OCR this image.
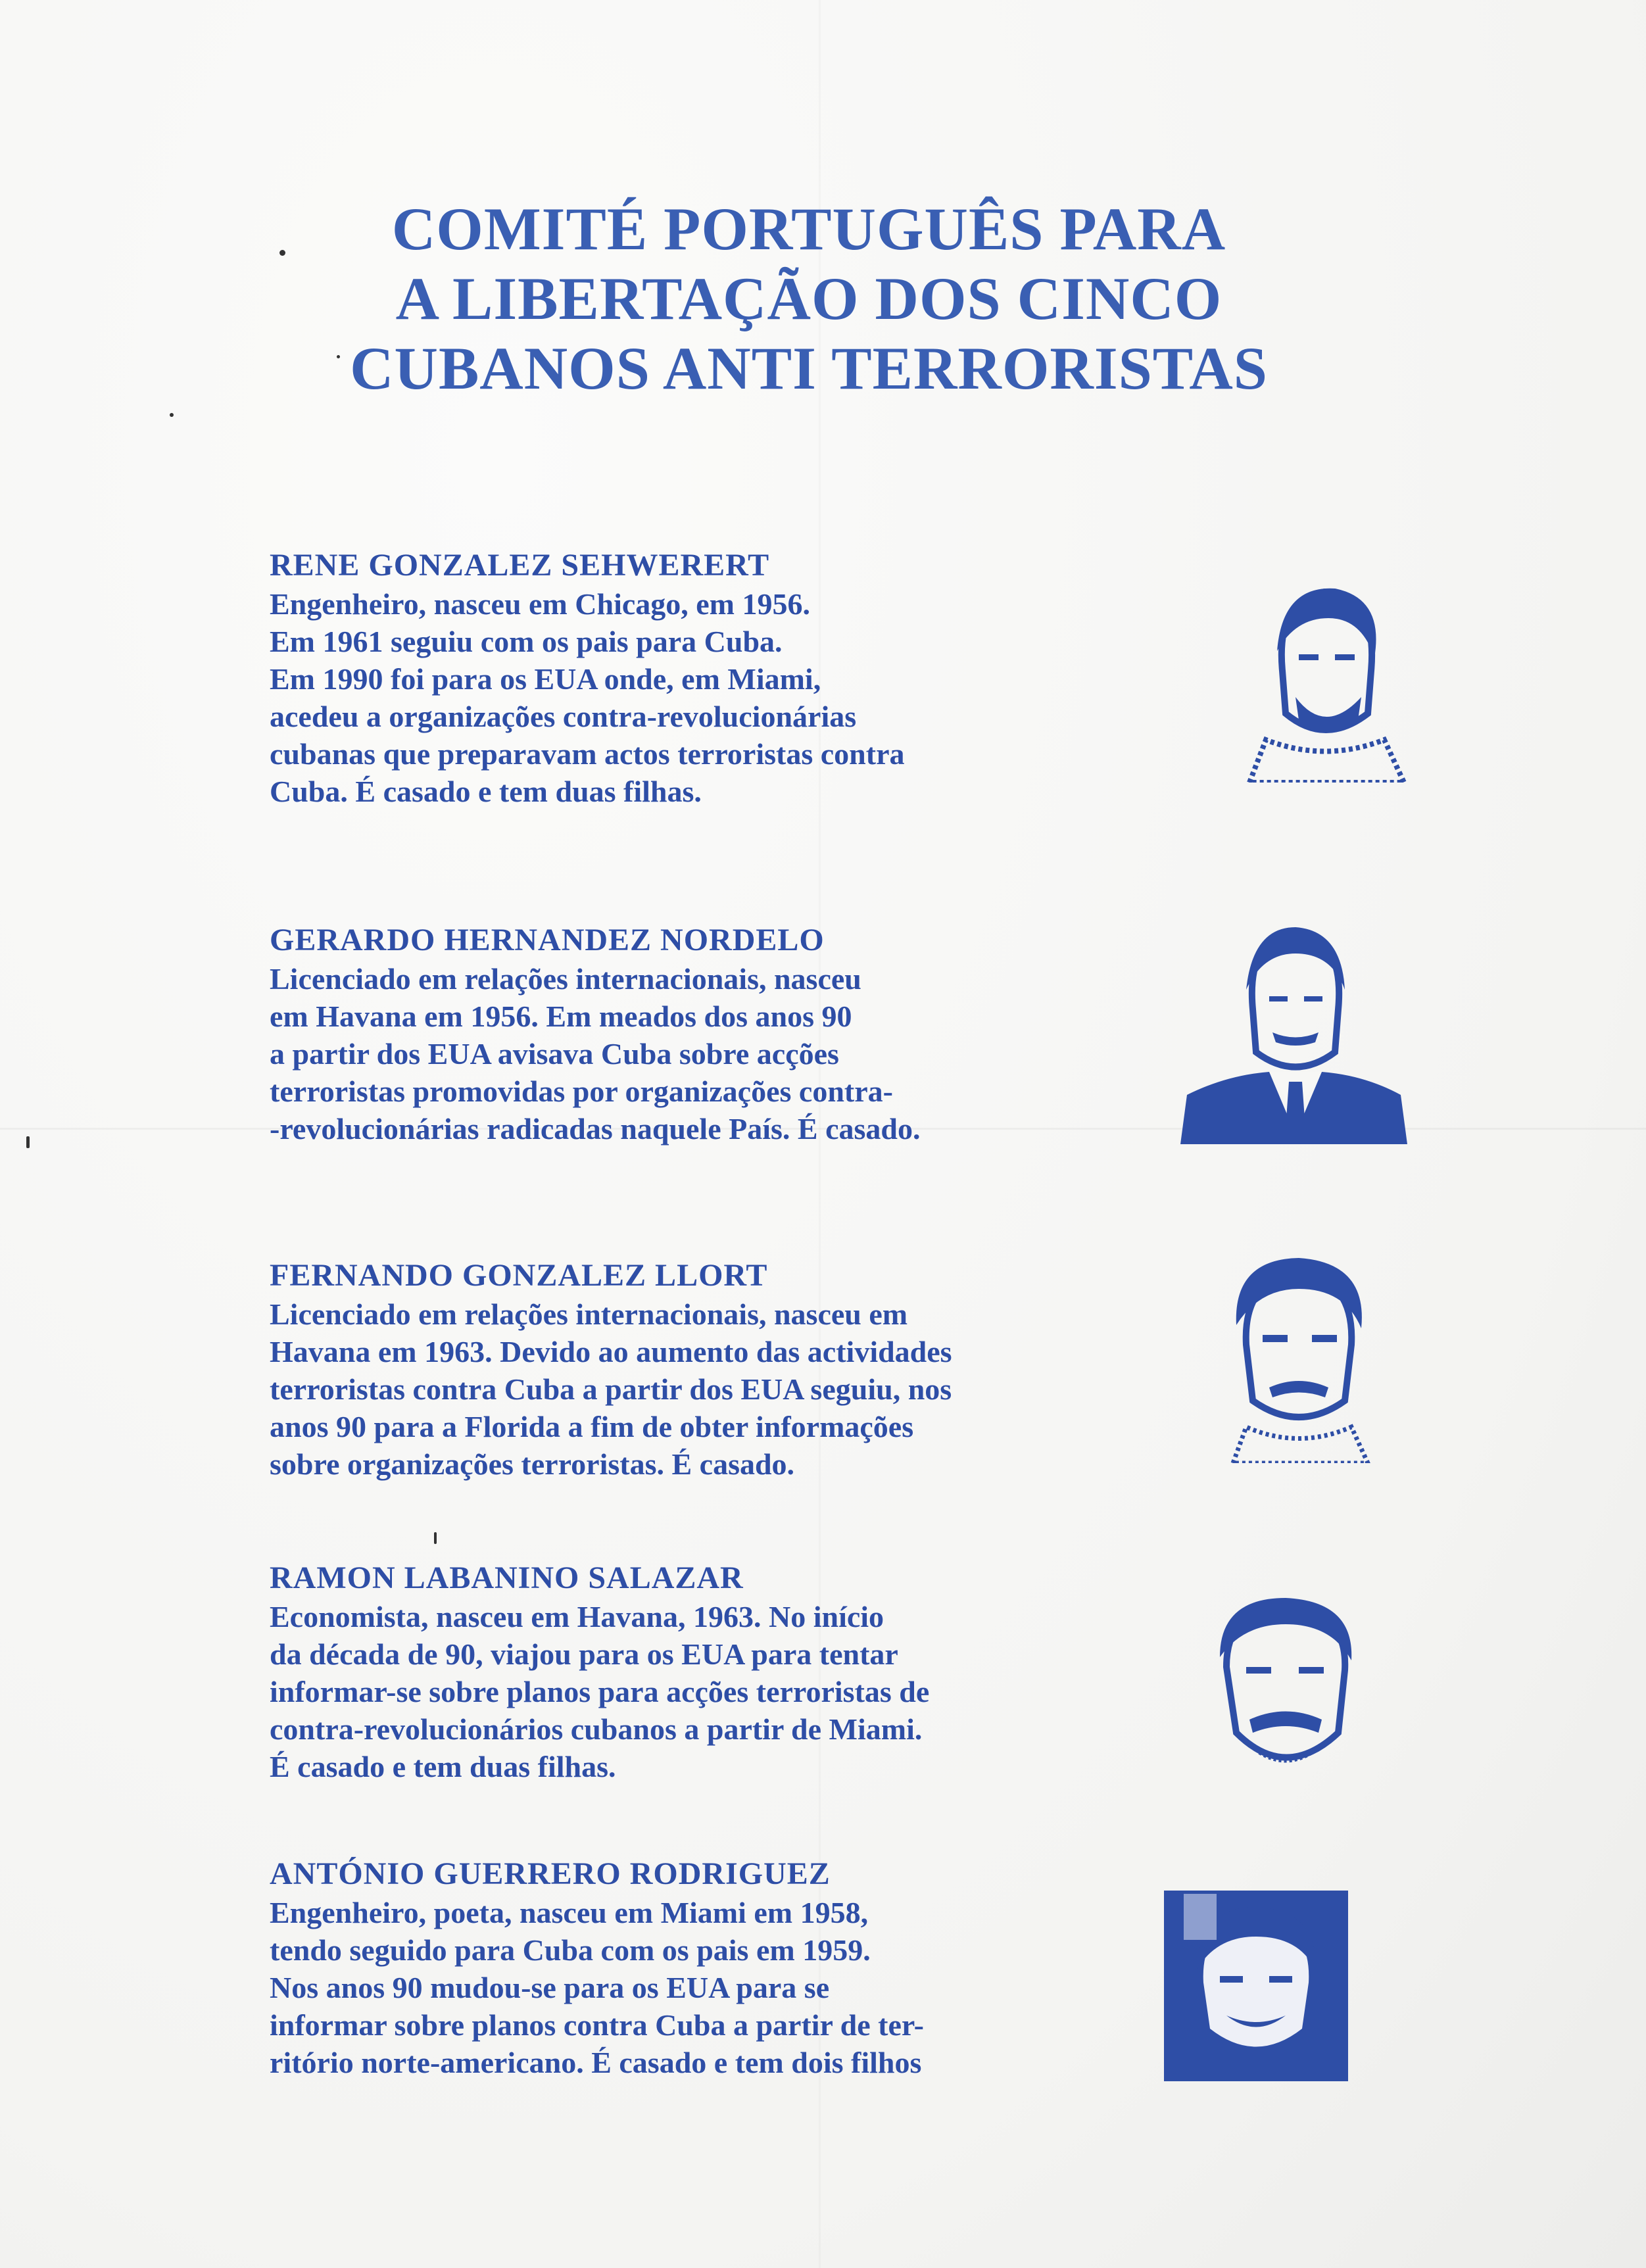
COMITÉ PORTUGUÊS PARA
A LIBERTAÇÃO DOS CINCO
CUBANOS ANTI TERRORISTAS
RENE GONZALEZ SEHWERERT
Engenheiro, nasceu em Chicago, em 1956.
Em 1961 seguiu com os pais para Cuba.
Em 1990 foi para os EUA onde, em Miami,
acedeu a organizações contra-revolucionárias
cubanas que preparavam actos terroristas contra
Cuba. É casado e tem duas filhas.
GERARDO HERNANDEZ NORDELO
Licenciado em relações internacionais, nasceu
em Havana em 1956. Em meados dos anos 90
a partir dos EUA avisava Cuba sobre acções
terroristas promovidas por organizações contra-
-revolucionárias radicadas naquele País. É casado.
FERNANDO GONZALEZ LLORT
Licenciado em relações internacionais, nasceu em
Havana em 1963. Devido ao aumento das actividades
terroristas contra Cuba a partir dos EUA seguiu, nos
anos 90 para a Florida a fim de obter informações
sobre organizações terroristas. É casado.
RAMON LABANINO SALAZAR
Economista, nasceu em Havana, 1963. No início
da década de 90, viajou para os EUA para tentar
informar-se sobre planos para acções terroristas de
contra-revolucionários cubanos a partir de Miami.
É casado e tem duas filhas.
ANTÓNIO GUERRERO RODRIGUEZ
Engenheiro, poeta, nasceu em Miami em 1958,
tendo seguido para Cuba com os pais em 1959.
Nos anos 90 mudou-se para os EUA para se
informar sobre planos contra Cuba a partir de ter-
ritório norte-americano. É casado e tem dois filhos
